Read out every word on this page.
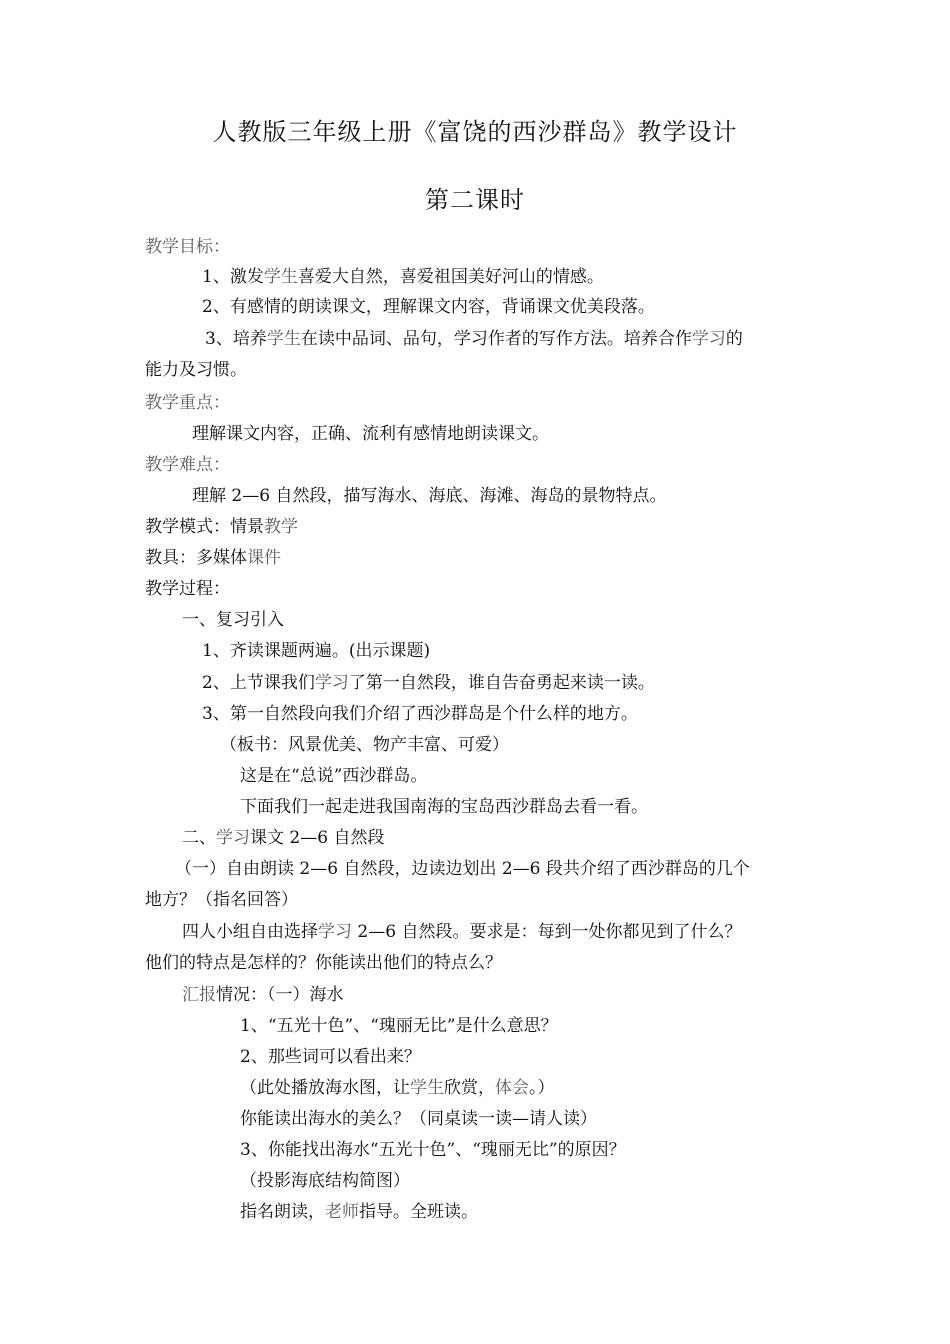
人教版三年级上册《富饶的西沙群岛》教学设计
第二课时
教学目标：
1、激发学生喜爱大自然，喜爱祖国美好河山的情感。
2、有感情的朗读课文，理解课文内容，背诵课文优美段落。
3、培养学生在读中品词、品句，学习作者的写作方法。培养合作学习的
能力及习惯。
教学重点：
理解课文内容，正确、流利有感情地朗读课文。
教学难点：
理解 2—6 自然段，描写海水、海底、海滩、海岛的景物特点。
教学模式：情景教学
教具：多媒体课件
教学过程：
一、复习引入
1、齐读课题两遍。(出示课题)
2、上节课我们学习了第一自然段，谁自告奋勇起来读一读。
3、第一自然段向我们介绍了西沙群岛是个什么样的地方。
（板书：风景优美、物产丰富、可爱）
这是在“总说”西沙群岛。
下面我们一起走进我国南海的宝岛西沙群岛去看一看。
二、学习课文 2—6 自然段
（一）自由朗读 2—6 自然段，边读边划出 2—6 段共介绍了西沙群岛的几个
地方？（指名回答）
四人小组自由选择学习 2—6 自然段。要求是：每到一处你都见到了什么？
他们的特点是怎样的？你能读出他们的特点么？
汇报情况：（一）海水
1、“五光十色”、“瑰丽无比”是什么意思？
2、那些词可以看出来？
（此处播放海水图，让学生欣赏，体会。）
你能读出海水的美么？（同桌读一读—请人读）
3、你能找出海水“五光十色”、“瑰丽无比”的原因？
（投影海底结构简图）
指名朗读，老师指导。全班读。
